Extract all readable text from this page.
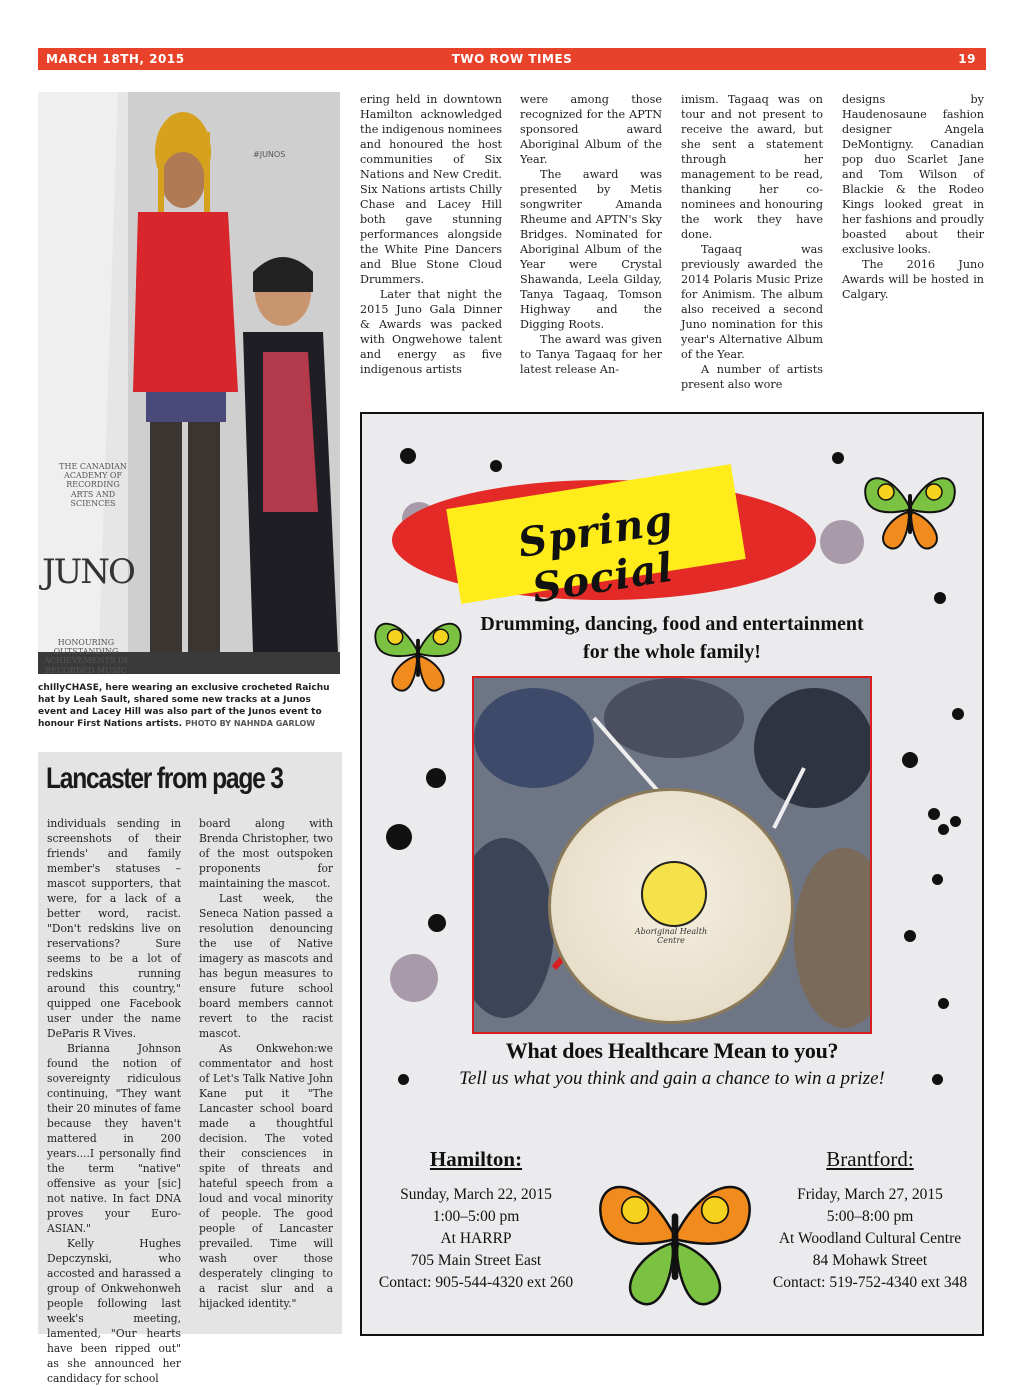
MARCH 18TH, 2015	TWO ROW TIMES	19
THE CANADIAN ACADEMY OF RECORDING ARTS AND SCIENCES
JUNO
HONOURING OUTSTANDING ACHIEVEMENTS IN RECORDED MUSIC
#JUNOS
chIllyCHASE, here wearing an exclusive crocheted Raichu hat by Leah Sault, shared some new tracks at a Junos event and Lacey Hill was also part of the Junos event to honour First Nations artists. PHOTO BY NAHNDA GARLOW

ering held in downtown Hamilton acknowledged the indigenous nominees and honoured the host communities of Six Nations and New Credit. Six Nations artists Chilly Chase and Lacey Hill both gave stunning performances alongside the White Pine Dancers and Blue Stone Cloud Drummers.

Later that night the 2015 Juno Gala Dinner & Awards was packed with Ongwehowe talent and energy as five indigenous artists

were among those recognized for the APTN sponsored award Aboriginal Album of the Year.

The award was presented by Metis songwriter Amanda Rheume and APTN's Sky Bridges. Nominated for Aboriginal Album of the Year were Crystal Shawanda, Leela Gilday, Tanya Tagaaq, Tomson Highway and the Digging Roots.

The award was given to Tanya Tagaaq for her latest release An-

imism. Tagaaq was on tour and not present to receive the award, but she sent a statement through her management to be read, thanking her co-nominees and honouring the work they have done.

Tagaaq was previously awarded the 2014 Polaris Music Prize for Animism. The album also received a second Juno nomination for this year's Alternative Album of the Year.

A number of artists present also wore

designs by Haudenosaune fashion designer Angela DeMontigny. Canadian pop duo Scarlet Jane and Tom Wilson of Blackie & the Rodeo Kings looked great in her fashions and proudly boasted about their exclusive looks.

The 2016 Juno Awards will be hosted in Calgary.

Lancaster from page 3

individuals sending in screenshots of their friends' and family member's statuses – mascot supporters, that were, for a lack of a better word, racist. "Don't redskins live on reservations? Sure seems to be a lot of redskins running around this country," quipped one Facebook user under the name DeParis R Vives.

Brianna Johnson found the notion of sovereignty ridiculous continuing, "They want their 20 minutes of fame because they haven't mattered in 200 years....I personally find the term "native" offensive as your [sic] not native. In fact DNA proves your Euro-ASIAN."

Kelly Hughes Depczynski, who accosted and harassed a group of Onkwehonweh people following last week's meeting, lamented, "Our hearts have been ripped out" as she announced her candidacy for school

board along with Brenda Christopher, two of the most outspoken proponents for maintaining the mascot.

Last week, the Seneca Nation passed a resolution denouncing the use of Native imagery as mascots and has begun measures to ensure future school board members cannot revert to the racist mascot.

As Onkwehon:we commentator and host of Let's Talk Native John Kane put it "The Lancaster school board made a thoughtful decision. The voted their consciences in spite of threats and hateful speech from a loud and vocal minority of people. The good people of Lancaster prevailed. Time will wash over those desperately clinging to a racist slur and a hijacked identity."

Spring Social
Drumming, dancing, food and entertainment for the whole family!
Aboriginal Health Centre
What does Healthcare Mean to you?
Tell us what you think and gain a chance to win a prize!
Hamilton:
Sunday, March 22, 2015
1:00–5:00 pm
At HARRP
705 Main Street East
Contact: 905-544-4320 ext 260
Brantford:
Friday, March 27, 2015
5:00–8:00 pm
At Woodland Cultural Centre
84 Mohawk Street
Contact: 519-752-4340 ext 348
